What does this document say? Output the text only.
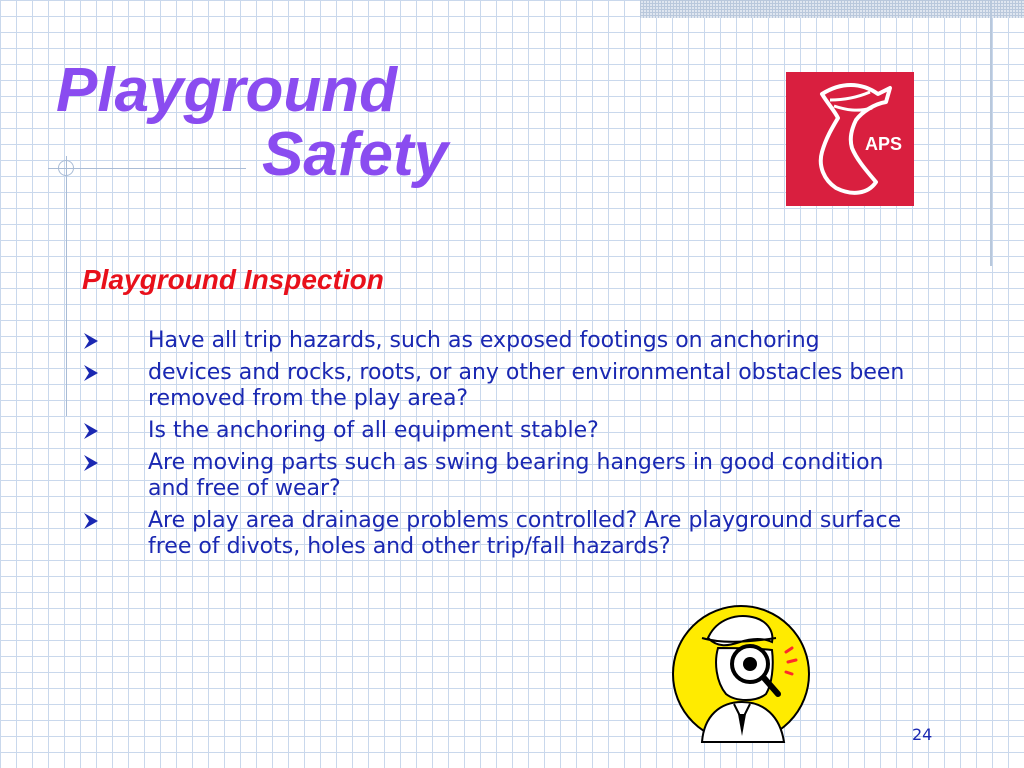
Playground
Safety	APS
Playground Inspection
Have all trip hazards, such as exposed footings on anchoring
devices and rocks, roots, or any other environmental obstacles been removed from the play area?
Is the anchoring of all equipment stable?
Are moving parts such as swing bearing hangers in good condition and free of wear?
Are play area drainage problems controlled? Are playground surface free of divots, holes and other trip/fall hazards?
24
